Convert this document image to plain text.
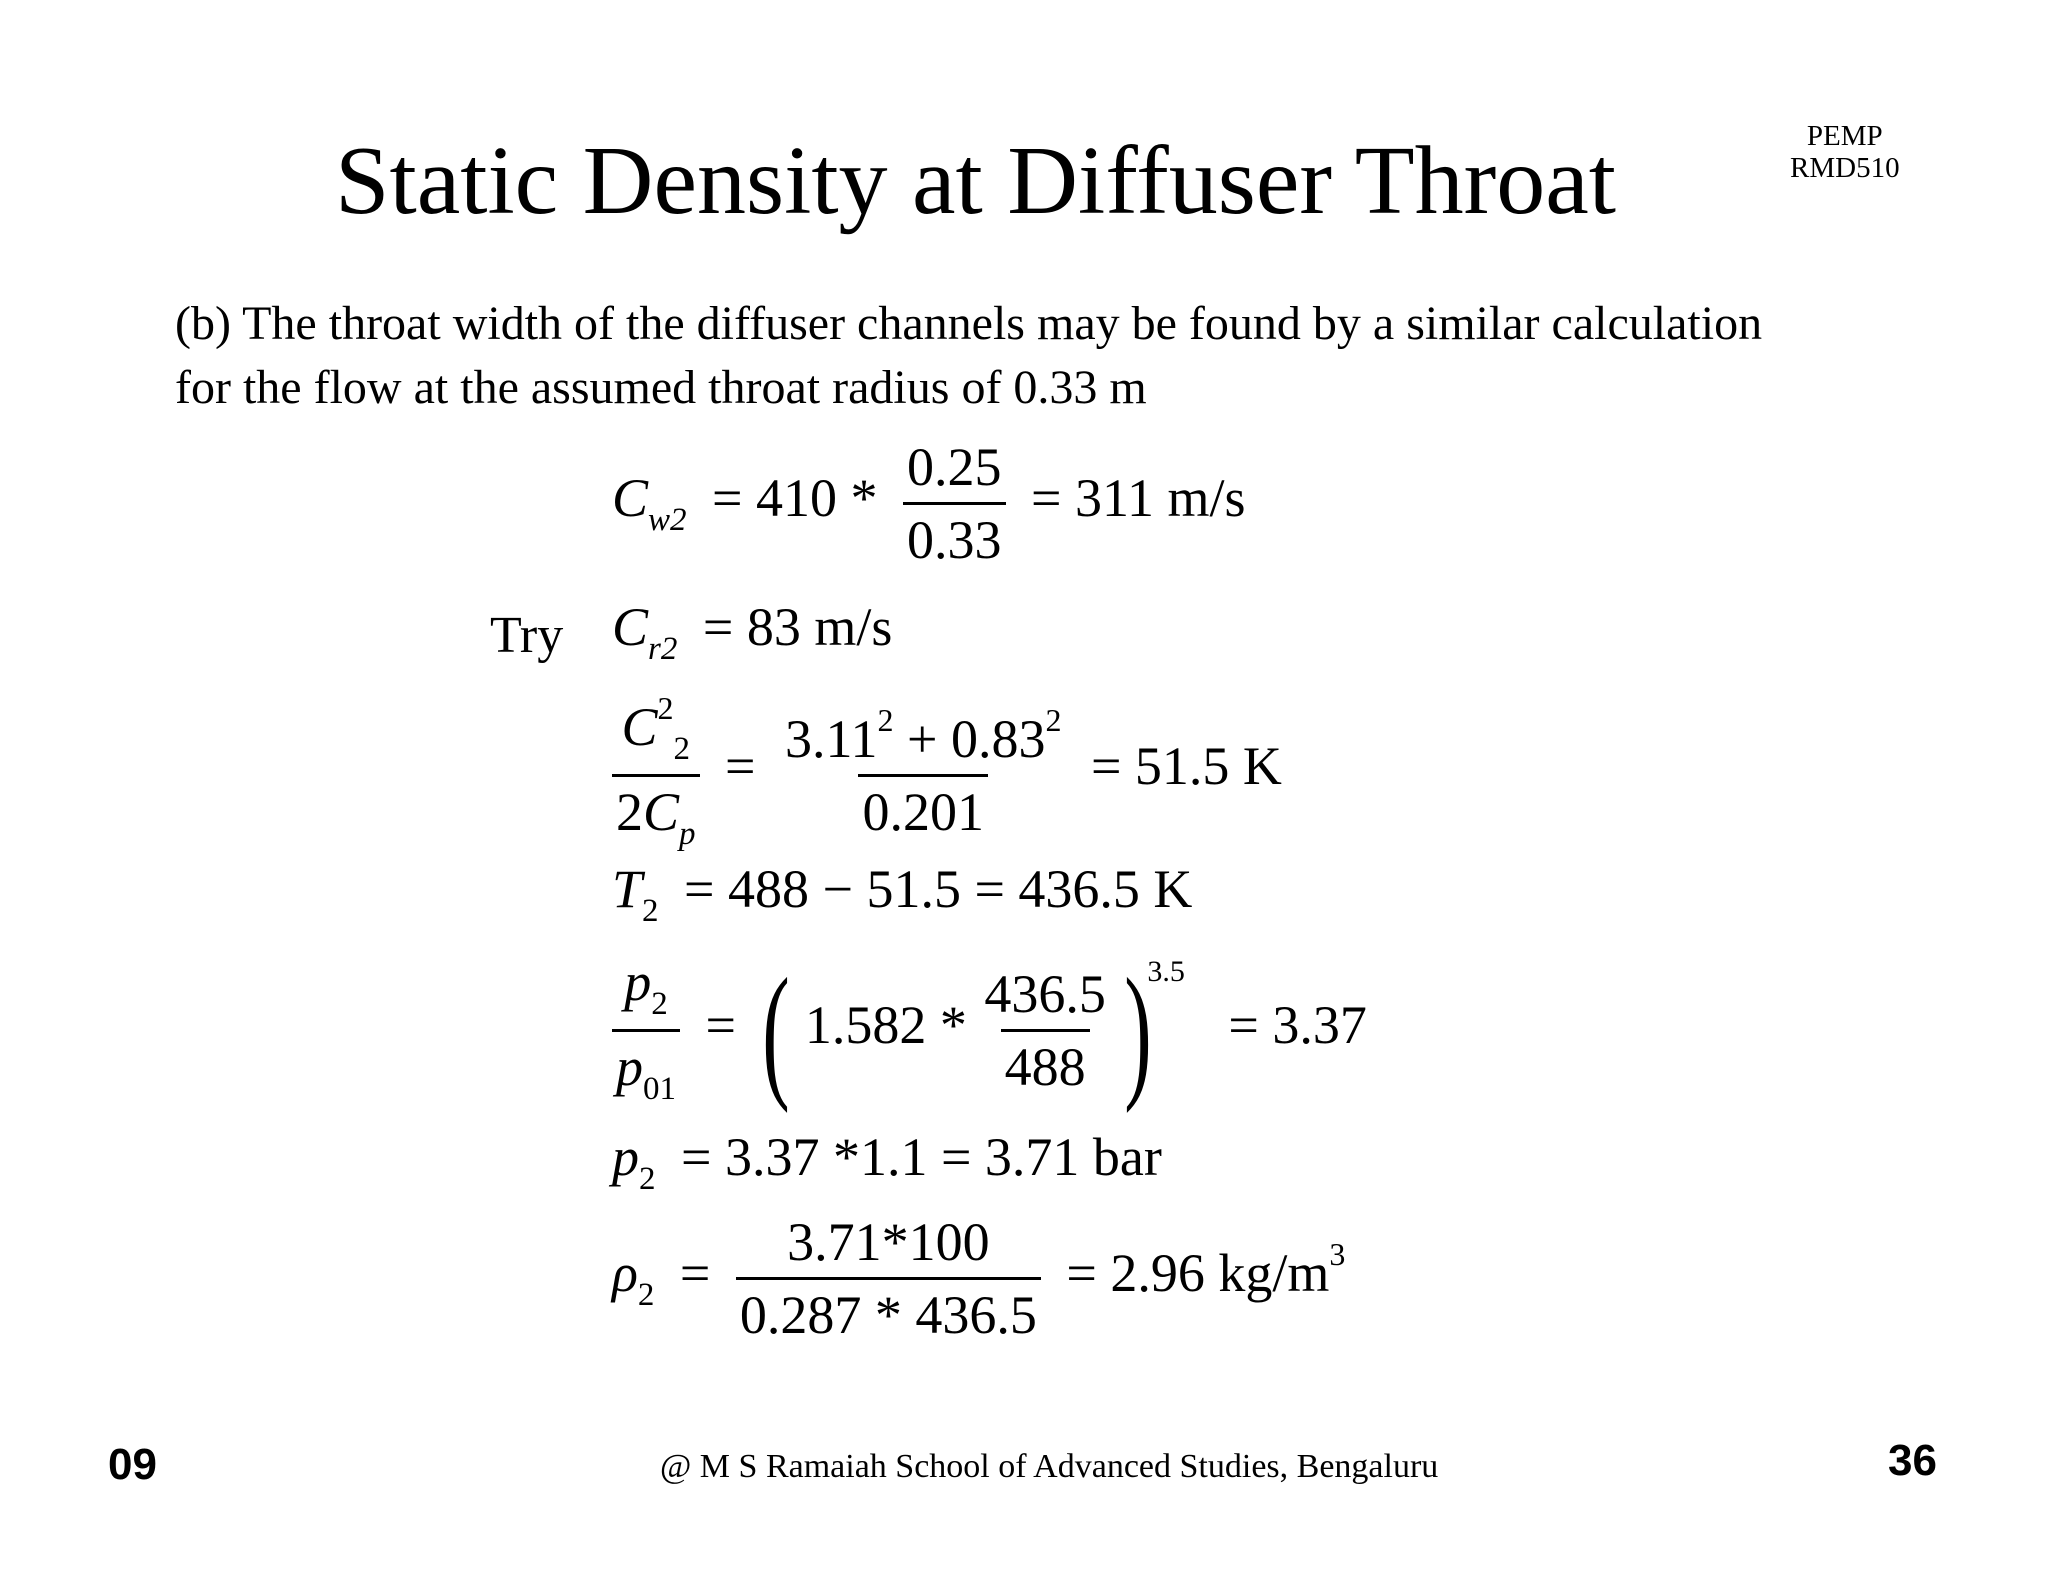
Static Density at Diffuser Throat	PEMP
RMD510
(b) The throat width of the diffuser channels may be found by a similar calculation
for the flow at the assumed throat radius of 0.33 m
$C_{w2} = 410 * \frac{0.25}{0.33} = 311$ m/s
Try $C_{r2} = 83$ m/s
$\frac{C^2_2}{2C_p} = \frac{3.11^2 + 0.83^2}{0.201} = 51.5$ K
$T_2 = 488 - 51.5 = 436.5$ K
$\frac{p_2}{p_{01}}$ = ( $1.582 * \frac{436.5}{488} )^{3.5} = 3.37$
$p_2 = 3.37$ *1.1 = 3.71 bar
$\rho_2 = \frac{3.71*100}{0.287 * 436.5} = 2.96$ $kg/m^3$
09	@ M S Ramaiah School of Advanced Studies, Bengaluru	36
